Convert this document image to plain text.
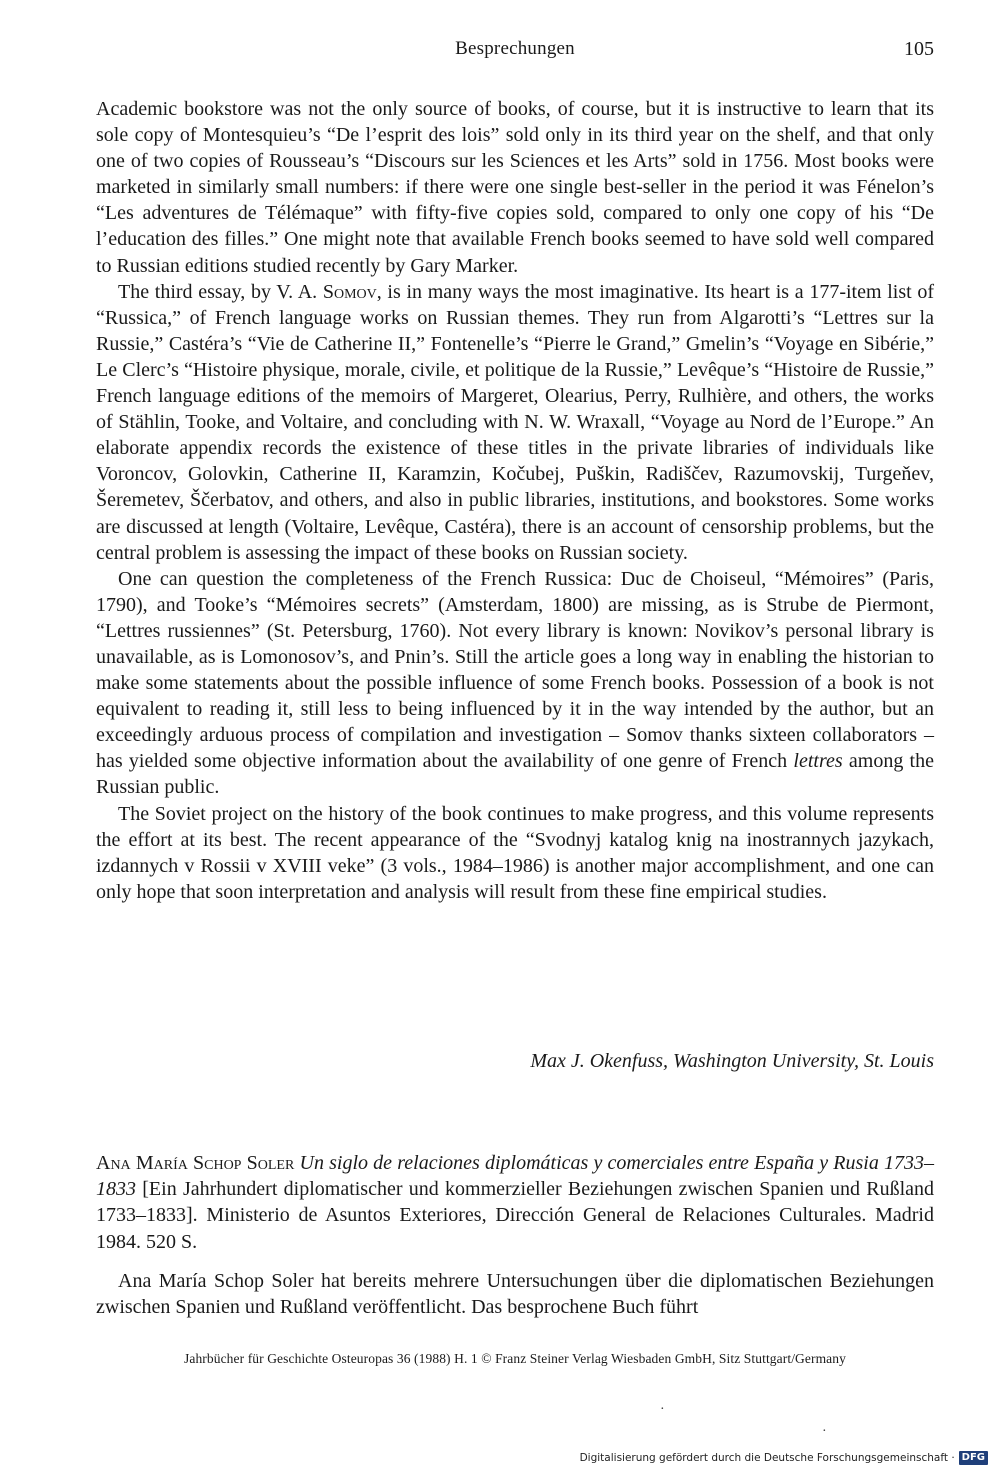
Besprechungen	105

Academic bookstore was not the only source of books, of course, but it is instructive to learn that its sole copy of Montesquieu’s “De l’esprit des lois” sold only in its third year on the shelf, and that only one of two copies of Rousseau’s “Discours sur les Sciences et les Arts” sold in 1756. Most books were marketed in similarly small numbers: if there were one single best-seller in the period it was Fénelon’s “Les adventures de Télémaque” with fifty-five copies sold, compared to only one copy of his “De l’education des filles.” One might note that available French books seemed to have sold well compared to Russian editions studied recently by Gary Marker.

The third essay, by V. A. Somov, is in many ways the most imaginative. Its heart is a 177-item list of “Russica,” of French language works on Russian themes. They run from Algarotti’s “Lettres sur la Russie,” Castéra’s “Vie de Catherine II,” Fontenelle’s “Pierre le Grand,” Gmelin’s “Voyage en Sibérie,” Le Clerc’s “Histoire physique, morale, civile, et politique de la Russie,” Levêque’s “Histoire de Russie,” French language editions of the memoirs of Margeret, Olearius, Perry, Rulhière, and others, the works of Stählin, Tooke, and Voltaire, and concluding with N. W. Wraxall, “Voyage au Nord de l’Europe.” An elaborate appendix records the existence of these titles in the private libraries of individuals like Voroncov, Golovkin, Catherine II, Karamzin, Kočubej, Puškin, Radiščev, Razumovskij, Turgeňev, Šeremetev, Ščerbatov, and others, and also in public libraries, institutions, and bookstores. Some works are discussed at length (Voltaire, Levêque, Castéra), there is an account of censorship problems, but the central problem is assessing the impact of these books on Russian society.

One can question the completeness of the French Russica: Duc de Choiseul, “Mémoires” (Paris, 1790), and Tooke’s “Mémoires secrets” (Amsterdam, 1800) are missing, as is Strube de Piermont, “Lettres russiennes” (St. Petersburg, 1760). Not every library is known: Novikov’s personal library is unavailable, as is Lomonosov’s, and Pnin’s. Still the article goes a long way in enabling the historian to make some statements about the possible influence of some French books. Possession of a book is not equivalent to reading it, still less to being influenced by it in the way intended by the author, but an exceedingly arduous process of compilation and investigation – Somov thanks sixteen collaborators – has yielded some objective information about the availability of one genre of French lettres among the Russian public.

The Soviet project on the history of the book continues to make progress, and this volume represents the effort at its best. The recent appearance of the “Svodnyj katalog knig na inostrannych jazykach, izdannych v Rossii v XVIII veke” (3 vols., 1984–1986) is another major accomplishment, and one can only hope that soon interpretation and analysis will result from these fine empirical studies.

Max J. Okenfuss, Washington University, St. Louis

Ana María Schop Soler Un siglo de relaciones diplomáticas y comerciales entre España y Rusia 1733–1833 [Ein Jahrhundert diplomatischer und kommerzieller Beziehungen zwischen Spanien und Rußland 1733–1833]. Ministerio de Asuntos Exteriores, Dirección General de Relaciones Culturales. Madrid 1984. 520 S.

Ana María Schop Soler hat bereits mehrere Untersuchungen über die diplomatischen Beziehungen zwischen Spanien und Rußland veröffentlicht. Das besprochene Buch führt

Jahrbücher für Geschichte Osteuropas 36 (1988) H. 1 © Franz Steiner Verlag Wiesbaden GmbH, Sitz Stuttgart/Germany
·
·
Digitalisierung gefördert durch die Deutsche Forschungsgemeinschaft · DFG
